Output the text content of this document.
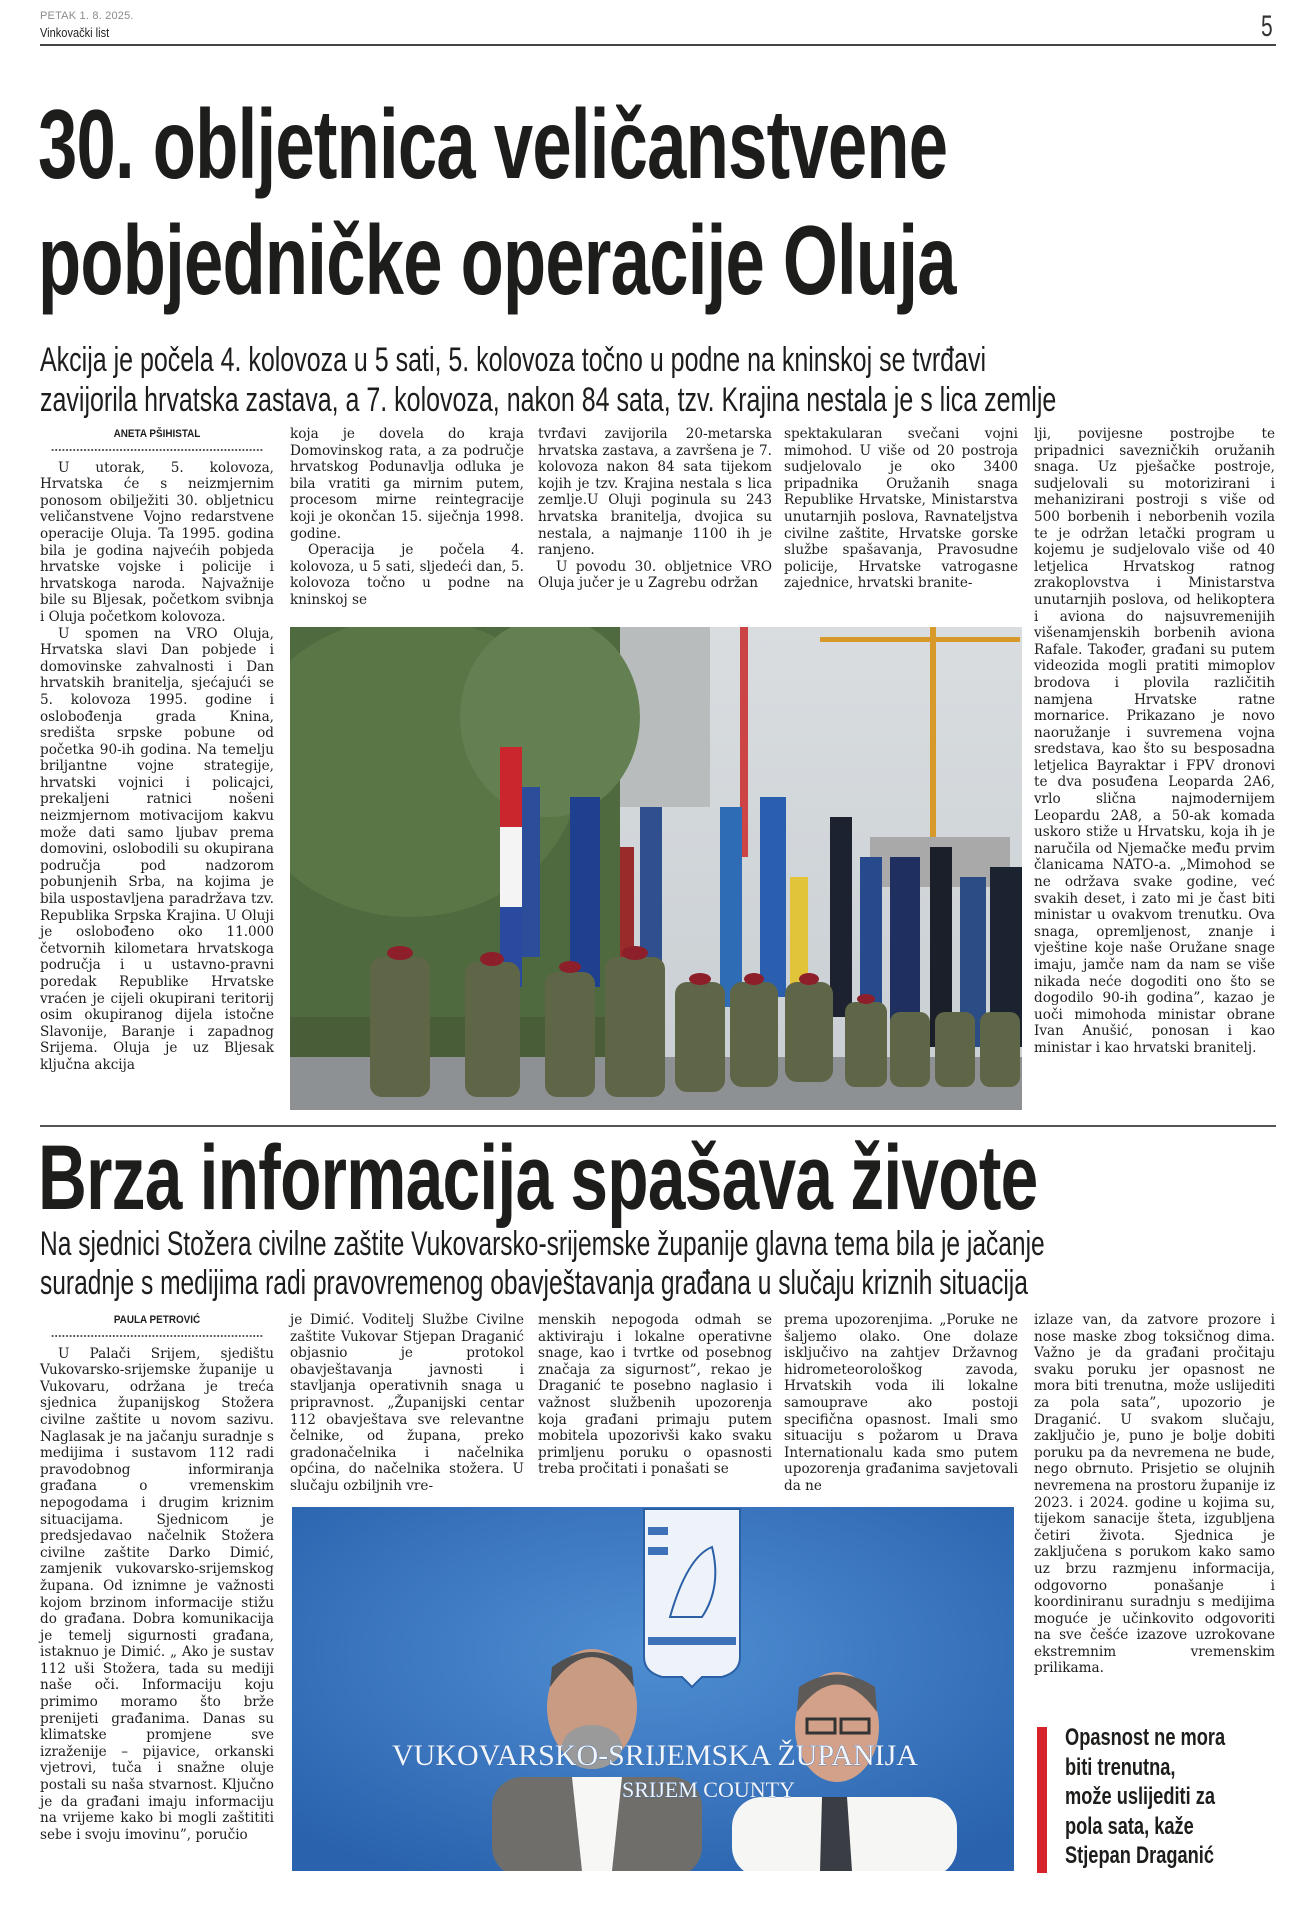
PETAK 1. 8. 2025.
Vinkovački list	5
30. obljetnica veličanstvene
pobjedničke operacije Oluja
Akcija je počela 4. kolovoza u 5 sati, 5. kolovoza točno u podne na kninskoj se tvrđavi
zavijorila hrvatska zastava, a 7. kolovoza, nakon 84 sata, tzv. Krajina nestala je s lica zemlje
ANETA PŠIHISTAL

U utorak, 5. kolovoza, Hrvatska će s neizmjernim ponosom obilježiti 30. obljetnicu veličanstvene Vojno redarstvene operacije Oluja. Ta 1995. godina bila je godina najvećih pobjeda hrvatske vojske i policije i hrvatskoga naroda. Najvažnije bile su Bljesak, početkom svibnja i Oluja početkom kolovoza.

U spomen na VRO Oluja, Hrvatska slavi Dan pobjede i domovinske zahvalnosti i Dan hrvatskih branitelja, sjećajući se 5. kolovoza 1995. godine i oslobođenja grada Knina, središta srpske pobune od početka 90-ih godina. Na temelju briljantne vojne strategije, hrvatski vojnici i policajci, prekaljeni ratnici nošeni neizmjernom motivacijom kakvu može dati samo ljubav prema domovini, oslobodili su okupirana područja pod nadzorom pobunjenih Srba, na kojima je bila uspostavljena paradržava tzv. Republika Srpska Krajina. U Oluji je oslobođeno oko 11.000 četvornih kilometara hrvatskoga područja i u ustavno-pravni poredak Republike Hrvatske vraćen je cijeli okupirani teritorij osim okupiranog dijela istočne Slavonije, Baranje i zapadnog Srijema. Oluja je uz Bljesak ključna akcija

koja je dovela do kraja Domovinskog rata, a za područje hrvatskog Podunavlja odluka je bila vratiti ga mirnim putem, procesom mirne reintegracije koji je okončan 15. siječnja 1998. godine.

Operacija je počela 4. kolovoza, u 5 sati, sljedeći dan, 5. kolovoza točno u podne na kninskoj se

tvrđavi zavijorila 20-metarska hrvatska zastava, a završena je 7. kolovoza nakon 84 sata tijekom kojih je tzv. Krajina nestala s lica zemlje.U Oluji poginula su 243 hrvatska branitelja, dvojica su nestala, a najmanje 1100 ih je ranjeno.

U povodu 30. obljetnice VRO Oluja jučer je u Zagrebu održan

spektakularan svečani vojni mimohod. U više od 20 postroja sudjelovalo je oko 3400 pripadnika Oružanih snaga Republike Hrvatske, Ministarstva unutarnjih poslova, Ravnateljstva civilne zaštite, Hrvatske gorske službe spašavanja, Pravosudne policije, Hrvatske vatrogasne zajednice, hrvatski branite-

lji, povijesne postrojbe te pripadnici savezničkih oružanih snaga. Uz pješačke postroje, sudjelovali su motorizirani i mehanizirani postroji s više od 500 borbenih i neborbenih vozila te je održan letački program u kojemu je sudjelovalo više od 40 letjelica Hrvatskog ratnog zrakoplovstva i Ministarstva unutarnjih poslova, od helikoptera i aviona do najsuvremenijih višenamjenskih borbenih aviona Rafale. Također, građani su putem videozida mogli pratiti mimoplov brodova i plovila različitih namjena Hrvatske ratne mornarice. Prikazano je novo naoružanje i suvremena vojna sredstava, kao što su besposadna letjelica Bayraktar i FPV dronovi te dva posuđena Leoparda 2A6, vrlo slična najmodernijem Leopardu 2A8, a 50-ak komada uskoro stiže u Hrvatsku, koja ih je naručila od Njemačke među prvim članicama NATO-a. „Mimohod se ne održava svake godine, već svakih deset, i zato mi je čast biti ministar u ovakvom trenutku. Ova snaga, opremljenost, znanje i vještine koje naše Oružane snage imaju, jamče nam da nam se više nikada neće dogoditi ono što se dogodilo 90-ih godina”, kazao je uoči mimohoda ministar obrane Ivan Anušić, ponosan i kao ministar i kao hrvatski branitelj.

Brza informacija spašava živote
Na sjednici Stožera civilne zaštite Vukovarsko-srijemske županije glavna tema bila je jačanje
suradnje s medijima radi pravovremenog obavještavanja građana u slučaju kriznih situacija
PAULA PETROVIĆ

U Palači Srijem, sjedištu Vukovarsko-srijemske županije u Vukovaru, održana je treća sjednica županijskog Stožera civilne zaštite u novom sazivu. Naglasak je na jačanju suradnje s medijima i sustavom 112 radi pravodobnog informiranja građana o vremenskim nepogodama i drugim kriznim situacijama. Sjednicom je predsjedavao načelnik Stožera civilne zaštite Darko Dimić, zamjenik vukovarsko-srijemskog župana. Od iznimne je važnosti kojom brzinom informacije stižu do građana. Dobra komunikacija je temelj sigurnosti građana, istaknuo je Dimić. „ Ako je sustav 112 uši Stožera, tada su mediji naše oči. Informaciju koju primimo moramo što brže prenijeti građanima. Danas su klimatske promjene sve izraženije – pijavice, orkanski vjetrovi, tuča i snažne oluje postali su naša stvarnost. Ključno je da građani imaju informaciju na vrijeme kako bi mogli zaštititi sebe i svoju imovinu”, poručio

je Dimić. Voditelj Službe Civilne zaštite Vukovar Stjepan Draganić objasnio je protokol obavještavanja javnosti i stavljanja operativnih snaga u pripravnost. „Županijski centar 112 obavještava sve relevantne čelnike, od župana, preko gradonačelnika i načelnika općina, do načelnika stožera. U slučaju ozbiljnih vre-

menskih nepogoda odmah se aktiviraju i lokalne operativne snage, kao i tvrtke od posebnog značaja za sigurnost”, rekao je Draganić te posebno naglasio i važnost službenih upozorenja koja građani primaju putem mobitela upozorivši kako svaku primljenu poruku o opasnosti treba pročitati i ponašati se

prema upozorenjima. „Poruke ne šaljemo olako. One dolaze isključivo na zahtjev Državnog hidrometeorološkog zavoda, Hrvatskih voda ili lokalne samouprave ako postoji specifična opasnost. Imali smo situaciju s požarom u Drava Internationalu kada smo putem upozorenja građanima savjetovali da ne

izlaze van, da zatvore prozore i nose maske zbog toksičnog dima. Važno je da građani pročitaju svaku poruku jer opasnost ne mora biti trenutna, može uslijediti za pola sata”, upozorio je Draganić. U svakom slučaju, zaključio je, puno je bolje dobiti poruku pa da nevremena ne bude, nego obrnuto. Prisjetio se olujnih nevremena na prostoru županije iz 2023. i 2024. godine u kojima su, tijekom sanacije šteta, izgubljena četiri života. Sjednica je zaključena s porukom kako samo uz brzu razmjenu informacija, odgovorno ponašanje i koordiniranu suradnju s medijima moguće je učinkovito odgovoriti na sve češće izazove uzrokovane ekstremnim vremenskim prilikama.

VUKOVARSKO-SRIJEMSKA ŽUPANIJA
SRIJEM COUNTY
Opasnost ne mora
biti trenutna,
može uslijediti za
pola sata, kaže
Stjepan Draganić
